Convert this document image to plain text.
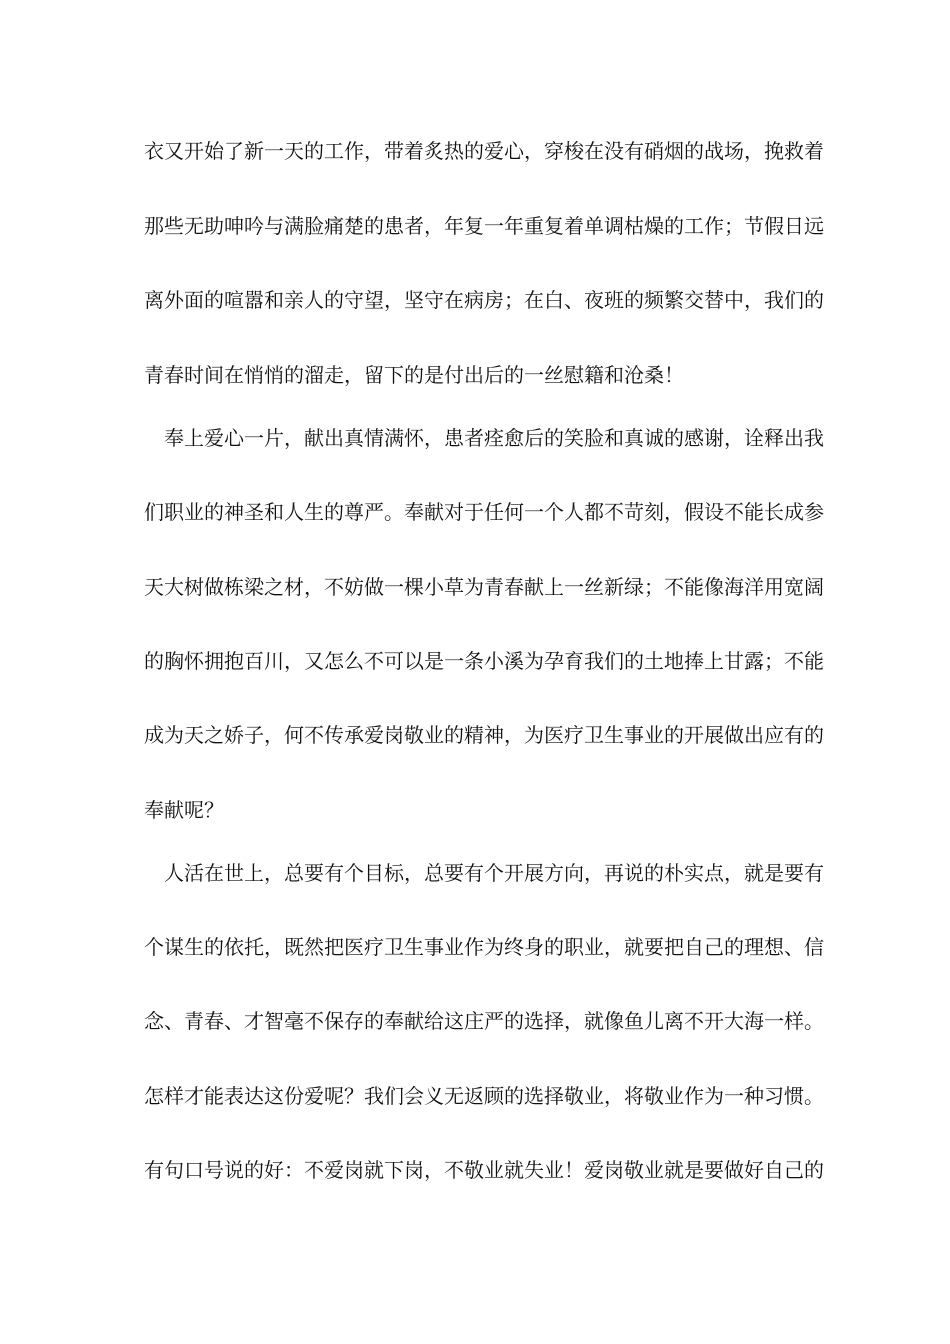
衣又开始了新一天的工作，带着炙热的爱心，穿梭在没有硝烟的战场，挽救着
那些无助呻吟与满脸痛楚的患者，年复一年重复着单调枯燥的工作；节假日远
离外面的喧嚣和亲人的守望，坚守在病房；在白、夜班的频繁交替中，我们的
青春时间在悄悄的溜走，留下的是付出后的一丝慰籍和沧桑！
奉上爱心一片，献出真情满怀，患者痊愈后的笑脸和真诚的感谢，诠释出我
们职业的神圣和人生的尊严。奉献对于任何一个人都不苛刻，假设不能长成参
天大树做栋梁之材，不妨做一棵小草为青春献上一丝新绿；不能像海洋用宽阔
的胸怀拥抱百川，又怎么不可以是一条小溪为孕育我们的土地捧上甘露；不能
成为天之娇子，何不传承爱岗敬业的精神，为医疗卫生事业的开展做出应有的
奉献呢？
人活在世上，总要有个目标，总要有个开展方向，再说的朴实点，就是要有
个谋生的依托，既然把医疗卫生事业作为终身的职业，就要把自己的理想、信
念、青春、才智毫不保存的奉献给这庄严的选择，就像鱼儿离不开大海一样。
怎样才能表达这份爱呢？我们会义无返顾的选择敬业，将敬业作为一种习惯。
有句口号说的好：不爱岗就下岗，不敬业就失业！爱岗敬业就是要做好自己的
